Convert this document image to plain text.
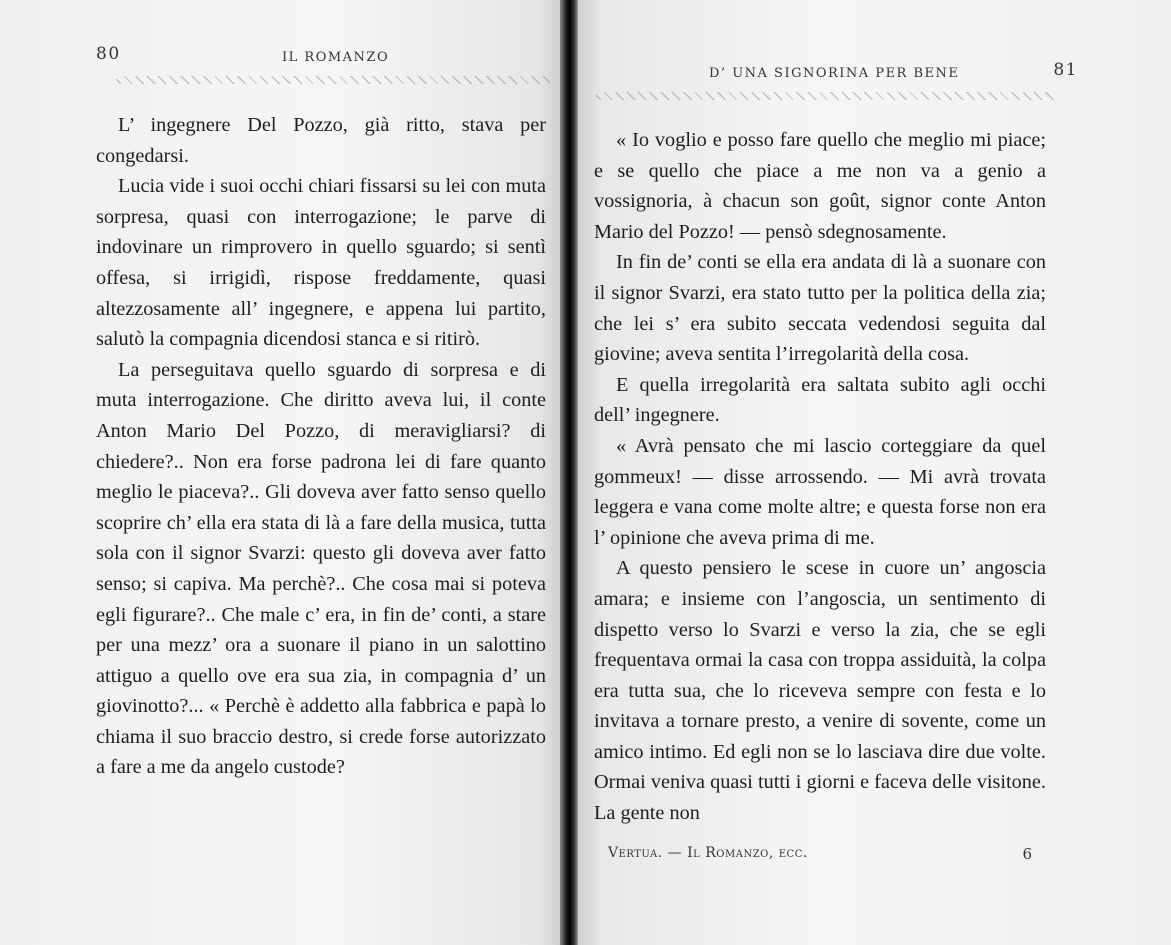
80	IL ROMANZO

L’ ingegnere Del Pozzo, già ritto, stava per congedarsi.

Lucia vide i suoi occhi chiari fissarsi su lei con muta sorpresa, quasi con interrogazione; le parve di indovinare un rimprovero in quello sguardo; si sentì offesa, si irrigidì, rispose freddamente, quasi altezzosamente all’ ingegnere, e appena lui partito, salutò la compagnia dicendosi stanca e si ritirò.

La perseguitava quello sguardo di sorpresa e di muta interrogazione. Che diritto aveva lui, il conte Anton Mario Del Pozzo, di meravigliarsi? di chiedere?.. Non era forse padrona lei di fare quanto meglio le piaceva?.. Gli doveva aver fatto senso quello scoprire ch’ ella era stata di là a fare della musica, tutta sola con il signor Svarzi: questo gli doveva aver fatto senso; si capiva. Ma perchè?.. Che cosa mai si poteva egli figurare?.. Che male c’ era, in fin de’ conti, a stare per una mezz’ ora a suonare il piano in un salottino attiguo a quello ove era sua zia, in compagnia d’ un giovinotto?... « Perchè è addetto alla fabbrica e papà lo chiama il suo braccio destro, si crede forse autorizzato a fare a me da angelo custode?

D’ UNA SIGNORINA PER BENE	81

« Io voglio e posso fare quello che meglio mi piace; e se quello che piace a me non va a genio a vossignoria, à chacun son goût, signor conte Anton Mario del Pozzo! — pensò sdegnosamente.

In fin de’ conti se ella era andata di là a suonare con il signor Svarzi, era stato tutto per la politica della zia; che lei s’ era subito seccata vedendosi seguita dal giovine; aveva sentita l’irregolarità della cosa.

E quella irregolarità era saltata subito agli occhi dell’ ingegnere.

« Avrà pensato che mi lascio corteggiare da quel gommeux! — disse arrossendo. — Mi avrà trovata leggera e vana come molte altre; e questa forse non era l’ opinione che aveva prima di me.

A questo pensiero le scese in cuore un’ angoscia amara; e insieme con l’angoscia, un sentimento di dispetto verso lo Svarzi e verso la zia, che se egli frequentava ormai la casa con troppa assiduità, la colpa era tutta sua, che lo riceveva sempre con festa e lo invitava a tornare presto, a venire di sovente, come un amico intimo. Ed egli non se lo lasciava dire due volte. Ormai veniva quasi tutti i giorni e faceva delle visitone. La gente non

Vertua. — Il Romanzo, ecc.	6
